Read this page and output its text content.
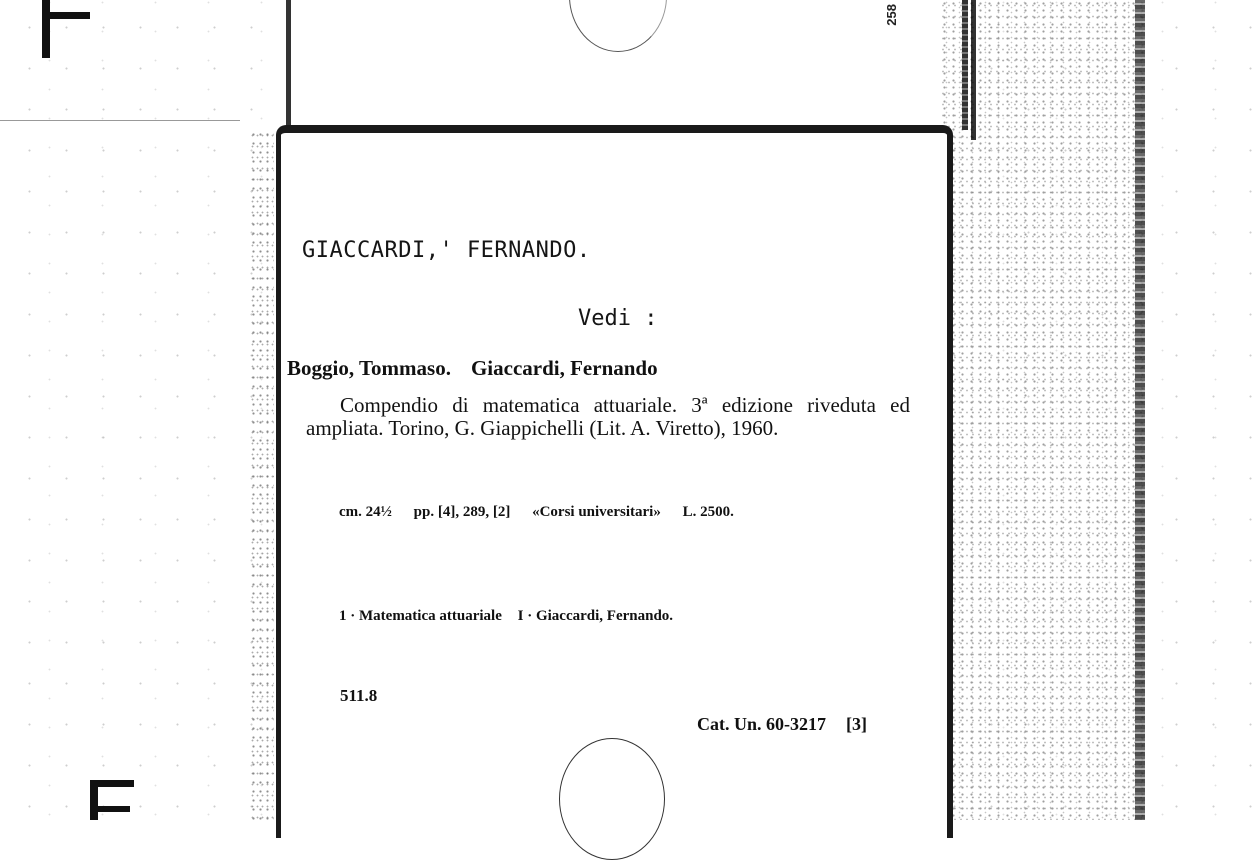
258
GIACCARDI,' FERNANDO.
Vedi :
Boggio, Tommaso. Giaccardi, Fernando
Compendio di matematica attuariale. 3ª edizione riveduta ed ampliata. Torino, G. Giappichelli (Lit. A. Viretto), 1960.
cm. 24½ pp. [4], 289, [2] «Corsi universitari» L. 2500.
1 · Matematica attuariale I · Giaccardi, Fernando.
511.8
Cat. Un. 60-3217 [3]
